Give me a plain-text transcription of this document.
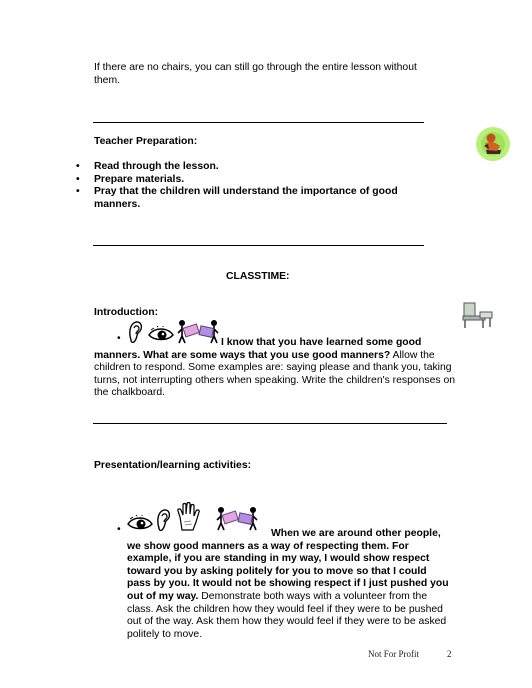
If there are no chairs, you can still go through the entire lesson without them.
Teacher Preparation:
• Read through the lesson.
• Prepare materials.
• Pray that the children will understand the importance of good manners.
CLASSTIME:
Introduction:
•	I know that you have learned some good manners. What are some ways that you use good manners? Allow the children to respond. Some examples are: saying please and thank you, taking turns, not interrupting others when speaking. Write the children's responses on the chalkboard.
Presentation/learning activities:
•	When we are around other people, we show good manners as a way of respecting them. For example, if you are standing in my way, I would show respect toward you by asking politely for you to move so that I could pass by you. It would not be showing respect if I just pushed you out of my way. Demonstrate both ways with a volunteer from the class. Ask the children how they would feel if they were to be pushed out of the way. Ask them how they would feel if they were to be asked politely to move.
Not For Profit	2
